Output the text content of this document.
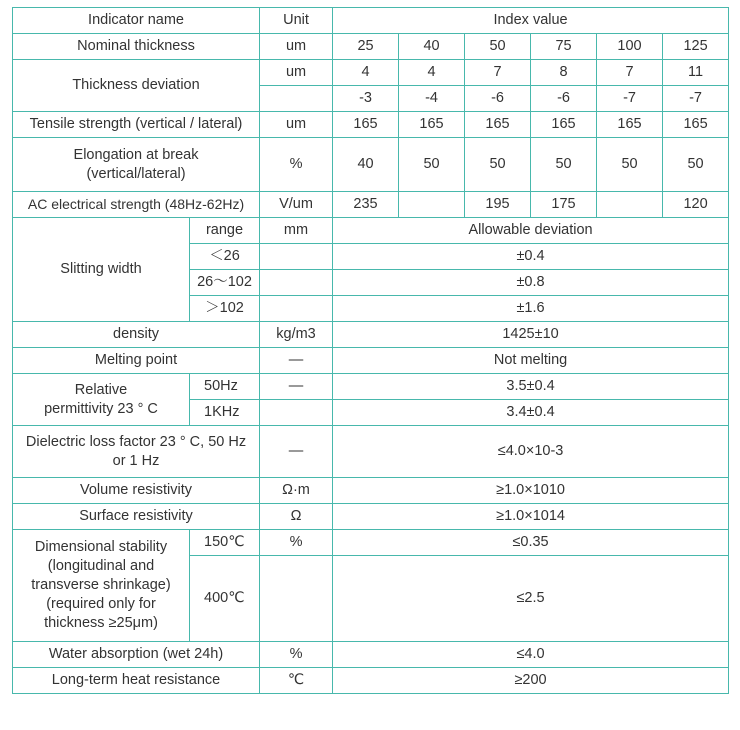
Indicator name		Unit	Index value					
Nominal thickness		um	25	40	50	75	100	125
Thickness deviation		um	4	4	7	8	7	11
			-3	-4	-6	-6	-7	-7
Tensile strength (vertical / lateral)		um	165	165	165	165	165	165

Elongation at break
(vertical/lateral)		%	40	50	50	50	50	50
AC electrical strength (48Hz-62Hz)		V/um	235		195	175		120
Slitting width	range	mm	Allowable deviation					
	＜26		±0.4					
	26～102		±0.8					
	＞102		±1.6					
density		kg/m3	1425±10					
Melting point		—	Not melting					

Relative
permittivity 23 ° C	50Hz	—	3.5±0.4					
	1KHz		3.4±0.4					

Dielectric loss factor 23 ° C, 50 Hz
or 1 Hz		—	≤4.0×10-3					
Volume resistivity		Ω·m	≥1.0×1010					
Surface resistivity		Ω	≥1.0×1014					

Dimensional stability
(longitudinal and
transverse shrinkage)
(required only for
thickness ≥25μm)	150℃	%	≤0.35					
	400℃		≤2.5					
Water absorption (wet 24h)		%	≤4.0					
Long-term heat resistance		℃	≥200					
